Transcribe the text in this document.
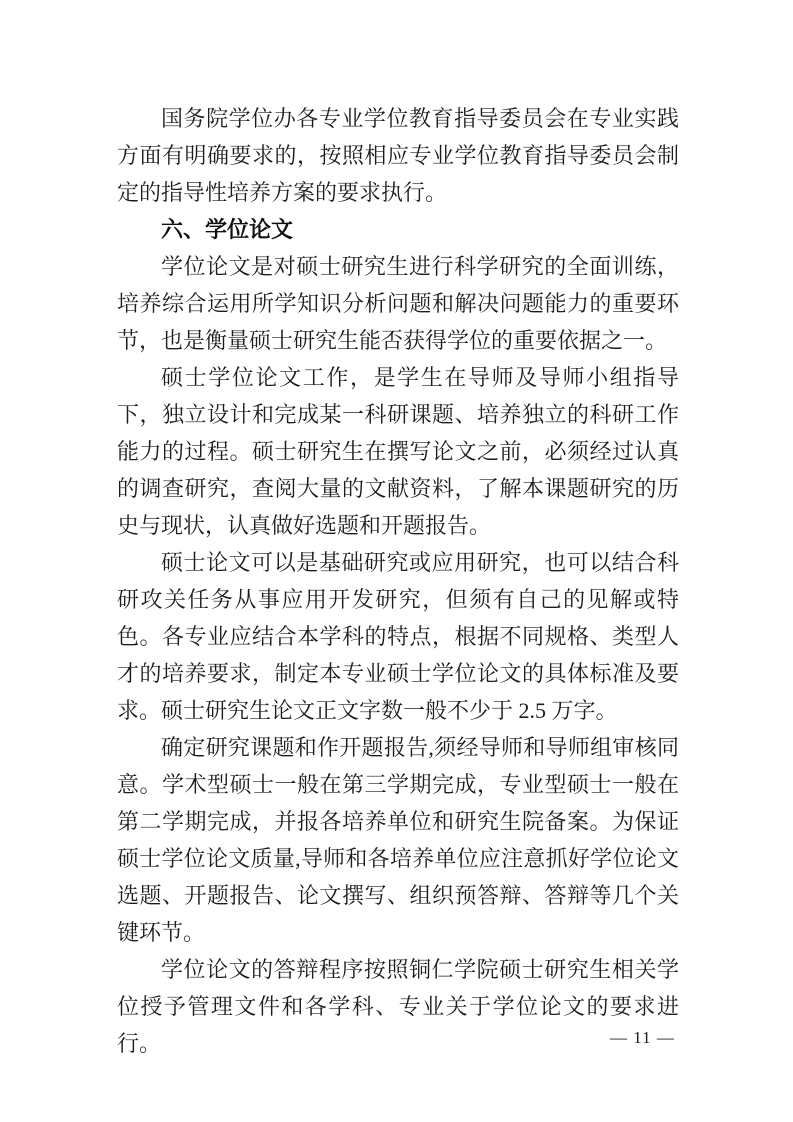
国务院学位办各专业学位教育指导委员会在专业实践方面有明确要求的，按照相应专业学位教育指导委员会制定的指导性培养方案的要求执行。

六、学位论文

学位论文是对硕士研究生进行科学研究的全面训练，培养综合运用所学知识分析问题和解决问题能力的重要环节，也是衡量硕士研究生能否获得学位的重要依据之一。

硕士学位论文工作，是学生在导师及导师小组指导下，独立设计和完成某一科研课题、培养独立的科研工作能力的过程。硕士研究生在撰写论文之前，必须经过认真的调查研究，查阅大量的文献资料，了解本课题研究的历史与现状，认真做好选题和开题报告。

硕士论文可以是基础研究或应用研究，也可以结合科研攻关任务从事应用开发研究，但须有自己的见解或特色。各专业应结合本学科的特点，根据不同规格、类型人才的培养要求，制定本专业硕士学位论文的具体标准及要求。硕士研究生论文正文字数一般不少于 2.5 万字。

确定研究课题和作开题报告,须经导师和导师组审核同意。学术型硕士一般在第三学期完成，专业型硕士一般在第二学期完成，并报各培养单位和研究生院备案。为保证硕士学位论文质量,导师和各培养单位应注意抓好学位论文选题、开题报告、论文撰写、组织预答辩、答辩等几个关键环节。

学位论文的答辩程序按照铜仁学院硕士研究生相关学位授予管理文件和各学科、专业关于学位论文的要求进行。	— 11 —
